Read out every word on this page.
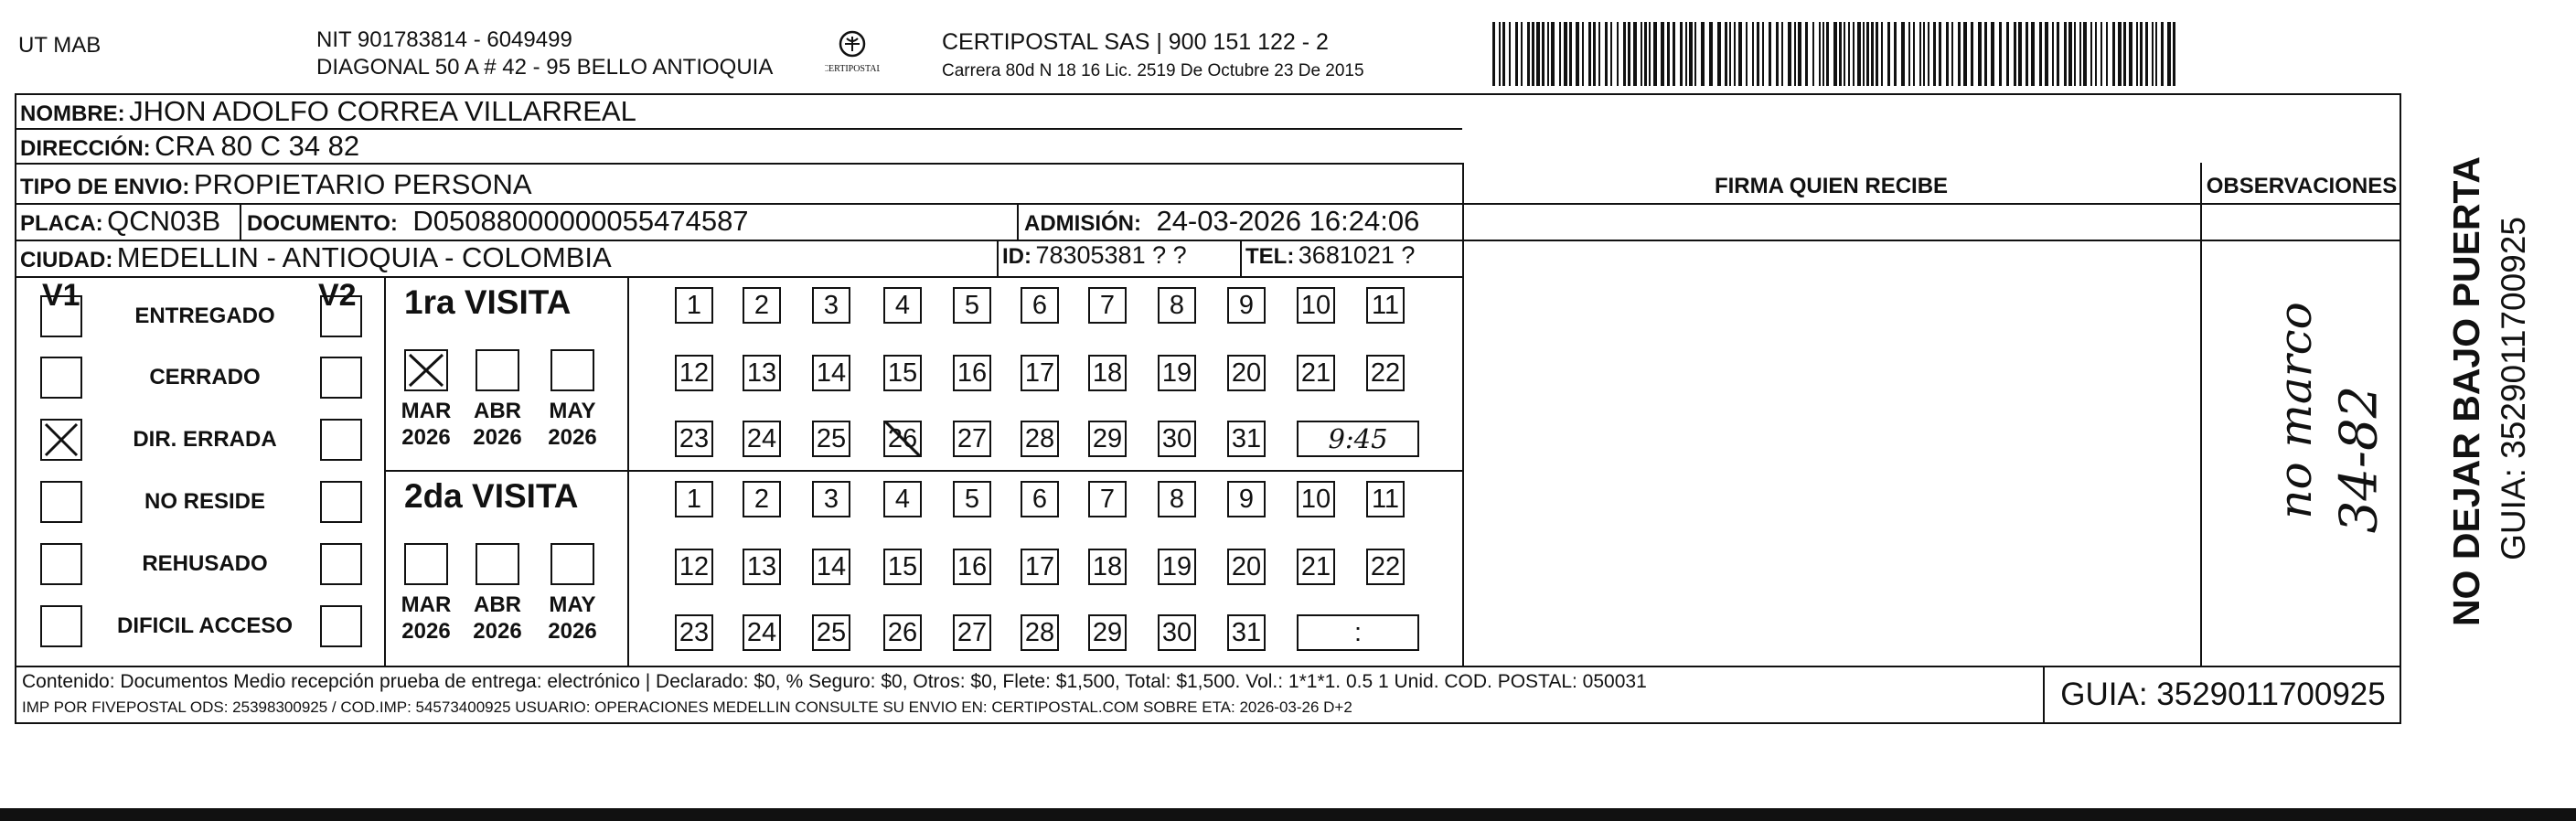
UT MAB	NIT 901783814 - 6049499
DIAGONAL 50 A # 42 - 95 BELLO ANTIOQUIA	CERTIPOSTAL
CERTIPOSTAL SAS | 900 151 122 - 2
Carrera 80d N 18 16 Lic. 2519 De Octubre 23 De 2015
NOMBRE: JHON ADOLFO CORREA VILLARREAL
DIRECCIÓN: CRA 80 C 34 82
TIPO DE ENVIO: PROPIETARIO PERSONA
PLACA: QCN03B DOCUMENTO: D05088000000055474587	ADMISIÓN: 24-03-2026 16:24:06
CIUDAD: MEDELLIN - ANTIOQUIA - COLOMBIA	ID: 78305381 ? ?	TEL: 3681021 ?
FIRMA QUIEN RECIBE	OBSERVACIONES
no marco 34-82 NO DEJAR BAJO PUERTA GUIA: 3529011700925
V1	V2
ENTREGADO
CERRADO
DIR. ERRADA
NO RESIDE
REHUSADO
DIFICIL ACCESO
1ra VISITA
MAR
2026
ABR
2026
MAY
2026
1	2	3	4	5	6	7	8	9	10 11
12 13 14 15 16 17 18 19 20 21 22
23 24 25 26 27 28 29 30 31	9:45
2da VISITA
MAR
2026
ABR
2026
MAY
2026
1	2	3	4	5	6	7	8	9	10 11
12 13 14 15 16 17 18 19 20 21 22
23 24 25 26 27 28 29 30 31	:
Contenido: Documentos Medio recepción prueba de entrega: electrónico | Declarado: $0, % Seguro: $0, Otros: $0, Flete: $1,500, Total: $1,500. Vol.: 1*1*1. 0.5 1 Unid. COD. POSTAL: 050031
IMP POR FIVEPOSTAL ODS: 25398300925 / COD.IMP: 54573400925 USUARIO: OPERACIONES MEDELLIN CONSULTE SU ENVIO EN: CERTIPOSTAL.COM SOBRE ETA: 2026-03-26 D+2	GUIA: 3529011700925
